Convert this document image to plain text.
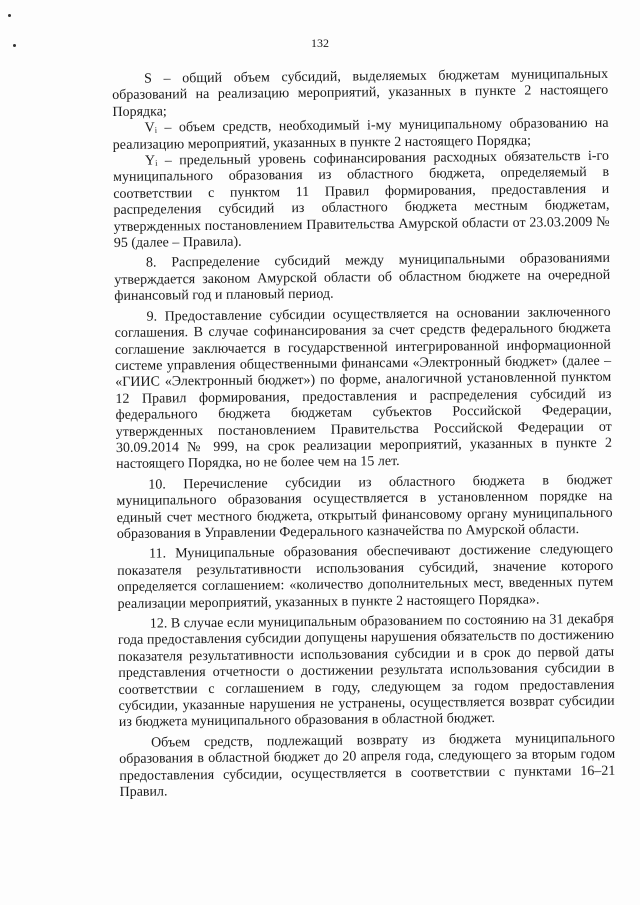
132

S – общий объем субсидий, выделяемых бюджетам муниципальных образований на реализацию мероприятий, указанных в пункте 2 настоящего Порядка;

Vᵢ – объем средств, необходимый i-му муниципальному образованию на реализацию мероприятий, указанных в пункте 2 настоящего Порядка;

Yᵢ – предельный уровень софинансирования расходных обязательств i-го муниципального образования из областного бюджета, определяемый в соответствии с пунктом 11 Правил формирования, предоставления и распределения субсидий из областного бюджета местным бюджетам, утвержденных постановлением Правительства Амурской области от 23.03.2009 № 95 (далее – Правила).

8. Распределение субсидий между муниципальными образованиями утверждается законом Амурской области об областном бюджете на очередной финансовый год и плановый период.

9. Предоставление субсидии осуществляется на основании заключенного соглашения. В случае софинансирования за счет средств федерального бюджета соглашение заключается в государственной интегрированной информационной системе управления общественными финансами «Электронный бюджет» (далее – «ГИИС «Электронный бюджет») по форме, аналогичной установленной пунктом 12 Правил формирования, предоставления и распределения субсидий из федерального бюджета бюджетам субъектов Российской Федерации, утвержденных постановлением Правительства Российской Федерации от 30.09.2014 № 999, на срок реализации мероприятий, указанных в пункте 2 настоящего Порядка, но не более чем на 15 лет.

10. Перечисление субсидии из областного бюджета в бюджет муниципального образования осуществляется в установленном порядке на единый счет местного бюджета, открытый финансовому органу муниципального образования в Управлении Федерального казначейства по Амурской области.

11. Муниципальные образования обеспечивают достижение следующего показателя результативности использования субсидий, значение которого определяется соглашением: «количество дополнительных мест, введенных путем реализации мероприятий, указанных в пункте 2 настоящего Порядка».

12. В случае если муниципальным образованием по состоянию на 31 декабря года предоставления субсидии допущены нарушения обязательств по достижению показателя результативности использования субсидии и в срок до первой даты представления отчетности о достижении результата использования субсидии в соответствии с соглашением в году, следующем за годом предоставления субсидии, указанные нарушения не устранены, осуществляется возврат субсидии из бюджета муниципального образования в областной бюджет.

Объем средств, подлежащий возврату из бюджета муниципального образования в областной бюджет до 20 апреля года, следующего за вторым годом предоставления субсидии, осуществляется в соответствии с пунктами 16–21 Правил.
